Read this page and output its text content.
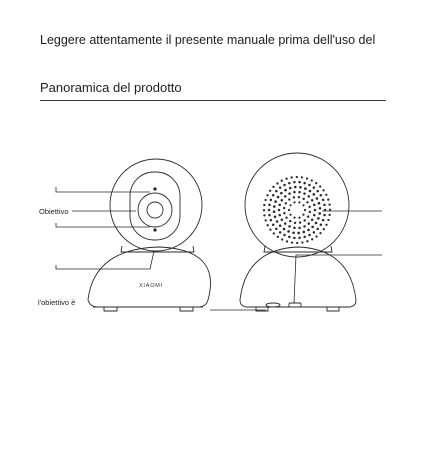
Leggere attentamente il presente manuale prima dell'uso del
Panoramica del prodotto
XIAOMI
Obiettivo
l'obiettivo è
